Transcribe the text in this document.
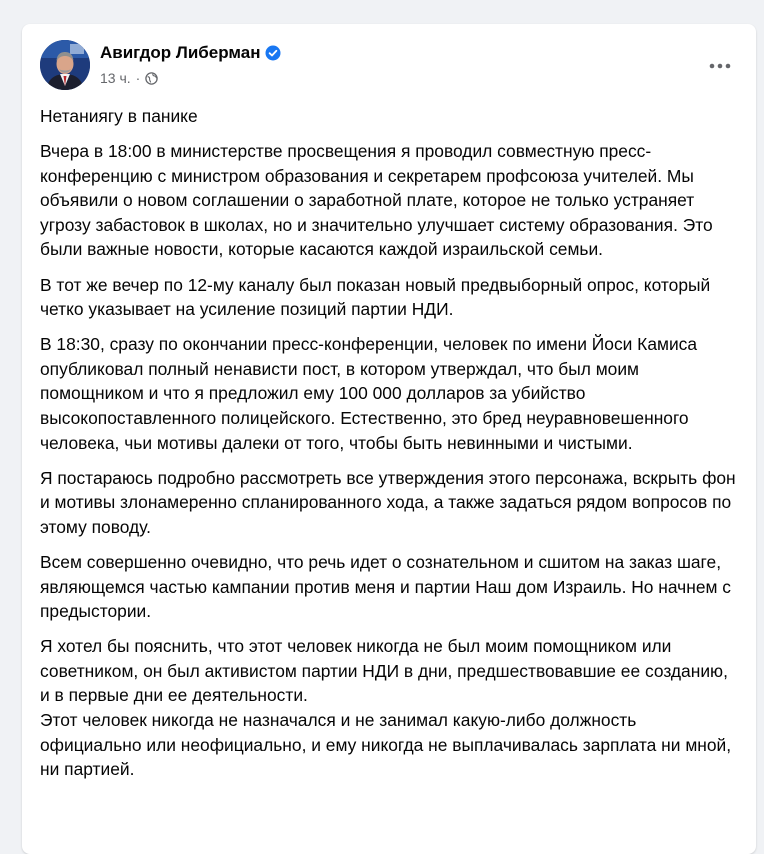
Авигдор Либерман
13 ч. ·

Нетаниягу в панике

Вчера в 18:00 в министерстве просвещения я проводил совместную пресс-конференцию с министром образования и секретарем профсоюза учителей. Мы объявили о новом соглашении о заработной плате, которое не только устраняет угрозу забастовок в школах, но и значительно улучшает систему образования. Это были важные новости, которые касаются каждой израильской семьи.

В тот же вечер по 12-му каналу был показан новый предвыборный опрос, который четко указывает на усиление позиций партии НДИ.

В 18:30, сразу по окончании пресс-конференции, человек по имени Йоси Камиса опубликовал полный ненависти пост, в котором утверждал, что был моим помощником и что я предложил ему 100 000 долларов за убийство высокопоставленного полицейского. Естественно, это бред неуравновешенного человека, чьи мотивы далеки от того, чтобы быть невинными и чистыми.

Я постараюсь подробно рассмотреть все утверждения этого персонажа, вскрыть фон и мотивы злонамеренно спланированного хода, а также задаться рядом вопросов по этому поводу.

Всем совершенно очевидно, что речь идет о сознательном и сшитом на заказ шаге, являющемся частью кампании против меня и партии Наш дом Израиль. Но начнем с предыстории.

Я хотел бы пояснить, что этот человек никогда не был моим помощником или советником, он был активистом партии НДИ в дни, предшествовавшие ее созданию, и в первые дни ее деятельности.
Этот человек никогда не назначался и не занимал какую-либо должность официально или неофициально, и ему никогда не выплачивалась зарплата ни мной, ни партией.
